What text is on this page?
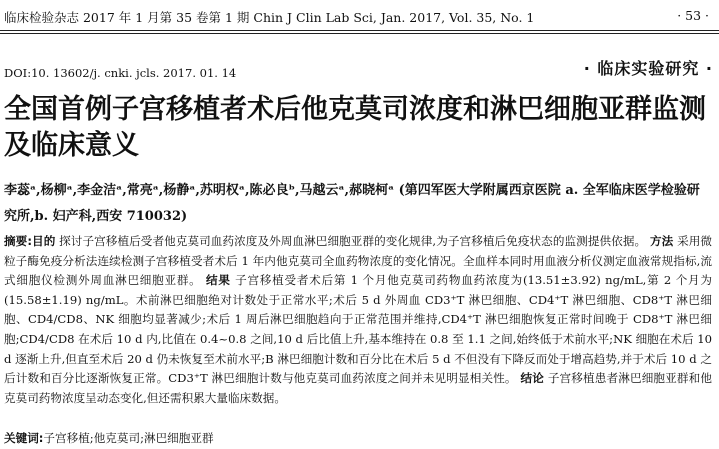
临床检验杂志 2017 年 1 月第 35 卷第 1 期 Chin J Clin Lab Sci, Jan. 2017, Vol. 35, No. 1	· 53 ·
· 临床实验研究 ·
DOI:10. 13602/j. cnki. jcls. 2017. 01. 14
全国首例子宫移植者术后他克莫司浓度和淋巴细胞亚群监测及临床意义
李蕊ᵃ,杨柳ᵃ,李金洁ᵃ,常亮ᵃ,杨静ᵃ,苏明权ᵃ,陈必良ᵇ,马越云ᵃ,郝晓柯ᵃ (第四军医大学附属西京医院 a. 全军临床医学检验研究所,b. 妇产科,西安 710032)
摘要:目的 探讨子宫移植后受者他克莫司血药浓度及外周血淋巴细胞亚群的变化规律,为子宫移植后免疫状态的监测提供依据。 方法 采用微粒子酶免疫分析法连续检测子宫移植受者术后 1 年内他克莫司全血药物浓度的变化情况。全血样本同时用血液分析仪测定血液常规指标,流式细胞仪检测外周血淋巴细胞亚群。 结果 子宫移植受者术后第 1 个月他克莫司药物血药浓度为(13.51±3.92) ng/mL,第 2 个月为(15.58±1.19) ng/mL。术前淋巴细胞绝对计数处于正常水平;术后 5 d 外周血 CD3⁺T 淋巴细胞、CD4⁺T 淋巴细胞、CD8⁺T 淋巴细胞、CD4/CD8、NK 细胞均显著减少;术后 1 周后淋巴细胞趋向于正常范围并维持,CD4⁺T 淋巴细胞恢复正常时间晚于 CD8⁺T 淋巴细胞;CD4/CD8 在术后 10 d 内,比值在 0.4~0.8 之间,10 d 后比值上升,基本维持在 0.8 至 1.1 之间,始终低于术前水平;NK 细胞在术后 10 d 逐渐上升,但直至术后 20 d 仍未恢复至术前水平;B 淋巴细胞计数和百分比在术后 5 d 不但没有下降反而处于增高趋势,并于术后 10 d 之后计数和百分比逐渐恢复正常。CD3⁺T 淋巴细胞计数与他克莫司血药浓度之间并未见明显相关性。 结论 子宫移植患者淋巴细胞亚群和他克莫司药物浓度呈动态变化,但还需积累大量临床数据。
关键词:子宫移植;他克莫司;淋巴细胞亚群
